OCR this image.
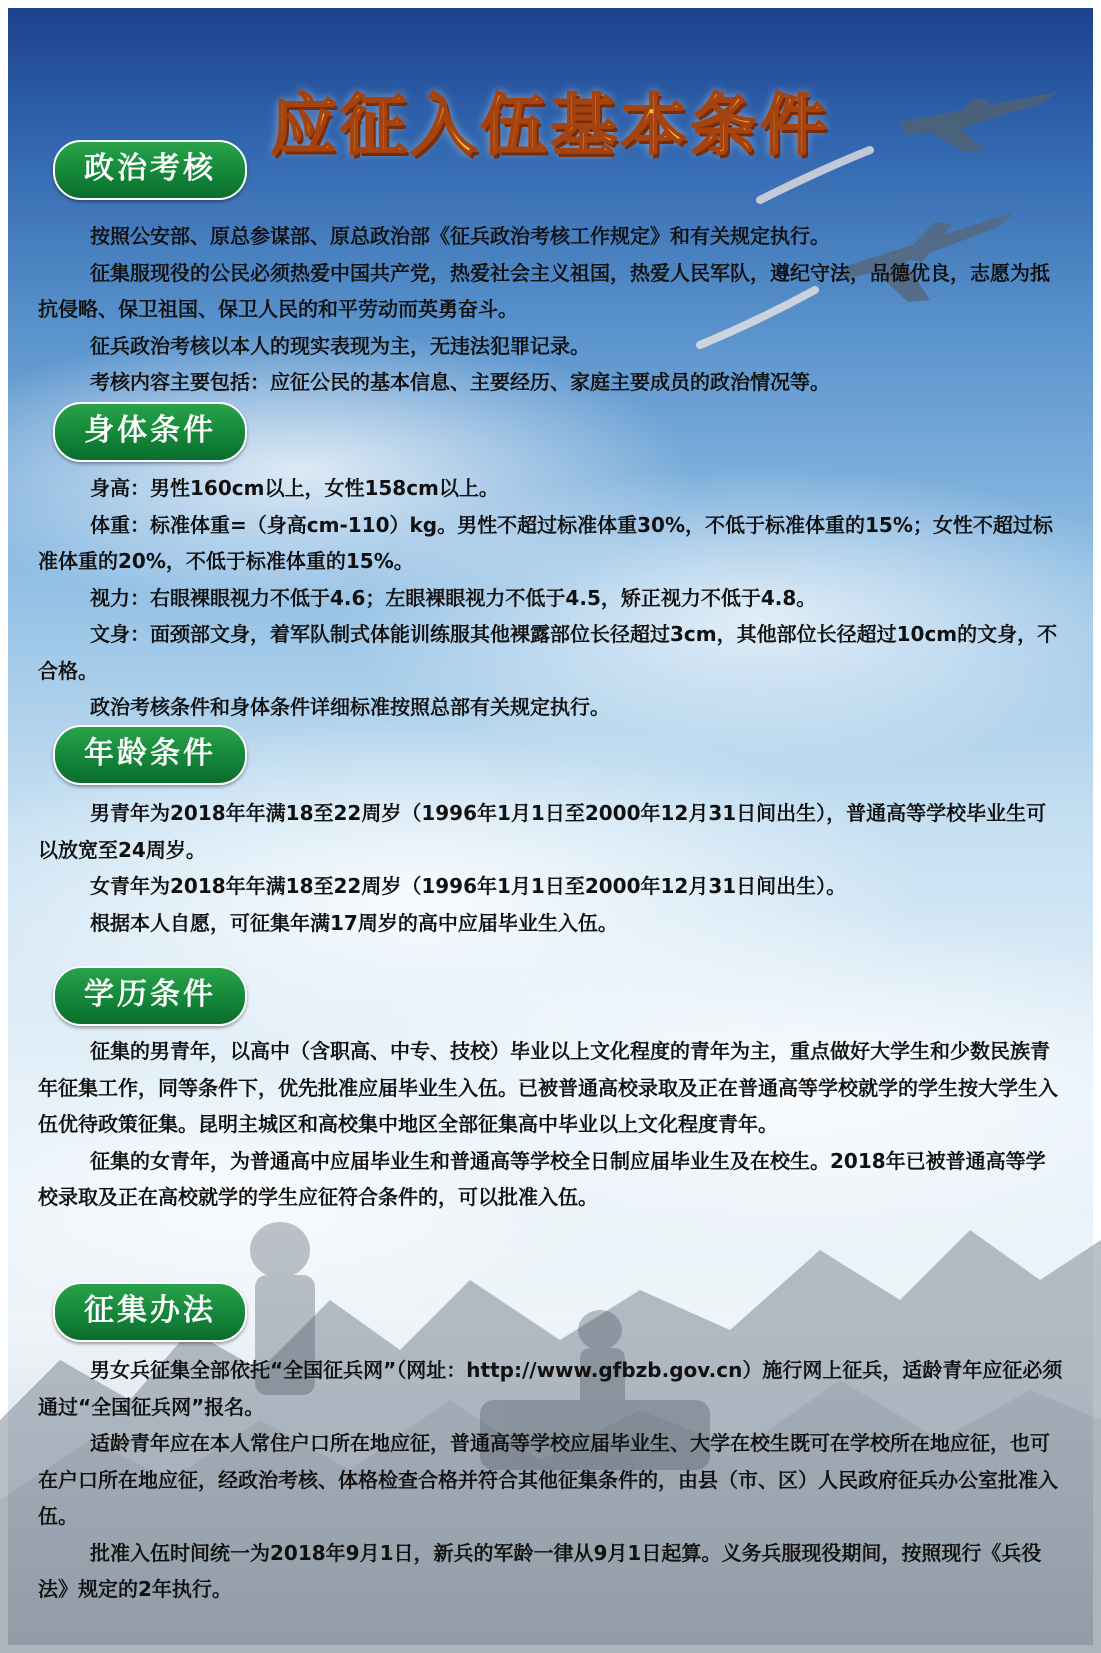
应征入伍基本条件
政治考核

按照公安部、原总参谋部、原总政治部《征兵政治考核工作规定》和有关规定执行。

征集服现役的公民必须热爱中国共产党，热爱社会主义祖国，热爱人民军队，遵纪守法，品德优良，志愿为抵抗侵略、保卫祖国、保卫人民的和平劳动而英勇奋斗。

征兵政治考核以本人的现实表现为主，无违法犯罪记录。

考核内容主要包括：应征公民的基本信息、主要经历、家庭主要成员的政治情况等。

身体条件

身高：男性160cm以上，女性158cm以上。

体重：标准体重=（身高cm-110）kg。男性不超过标准体重30%，不低于标准体重的15%；女性不超过标准体重的20%，不低于标准体重的15%。

视力：右眼裸眼视力不低于4.6；左眼裸眼视力不低于4.5，矫正视力不低于4.8。

文身：面颈部文身，着军队制式体能训练服其他裸露部位长径超过3cm，其他部位长径超过10cm的文身，不合格。

政治考核条件和身体条件详细标准按照总部有关规定执行。

年龄条件

男青年为2018年年满18至22周岁（1996年1月1日至2000年12月31日间出生），普通高等学校毕业生可以放宽至24周岁。

女青年为2018年年满18至22周岁（1996年1月1日至2000年12月31日间出生）。

根据本人自愿，可征集年满17周岁的高中应届毕业生入伍。

学历条件

征集的男青年，以高中（含职高、中专、技校）毕业以上文化程度的青年为主，重点做好大学生和少数民族青年征集工作，同等条件下，优先批准应届毕业生入伍。已被普通高校录取及正在普通高等学校就学的学生按大学生入伍优待政策征集。昆明主城区和高校集中地区全部征集高中毕业以上文化程度青年。

征集的女青年，为普通高中应届毕业生和普通高等学校全日制应届毕业生及在校生。2018年已被普通高等学校录取及正在高校就学的学生应征符合条件的，可以批准入伍。

征集办法

男女兵征集全部依托“全国征兵网”（网址：http://www.gfbzb.gov.cn）施行网上征兵，适龄青年应征必须通过“全国征兵网”报名。

适龄青年应在本人常住户口所在地应征，普通高等学校应届毕业生、大学在校生既可在学校所在地应征，也可在户口所在地应征，经政治考核、体格检查合格并符合其他征集条件的，由县（市、区）人民政府征兵办公室批准入伍。

批准入伍时间统一为2018年9月1日，新兵的军龄一律从9月1日起算。义务兵服现役期间，按照现行《兵役法》规定的2年执行。
